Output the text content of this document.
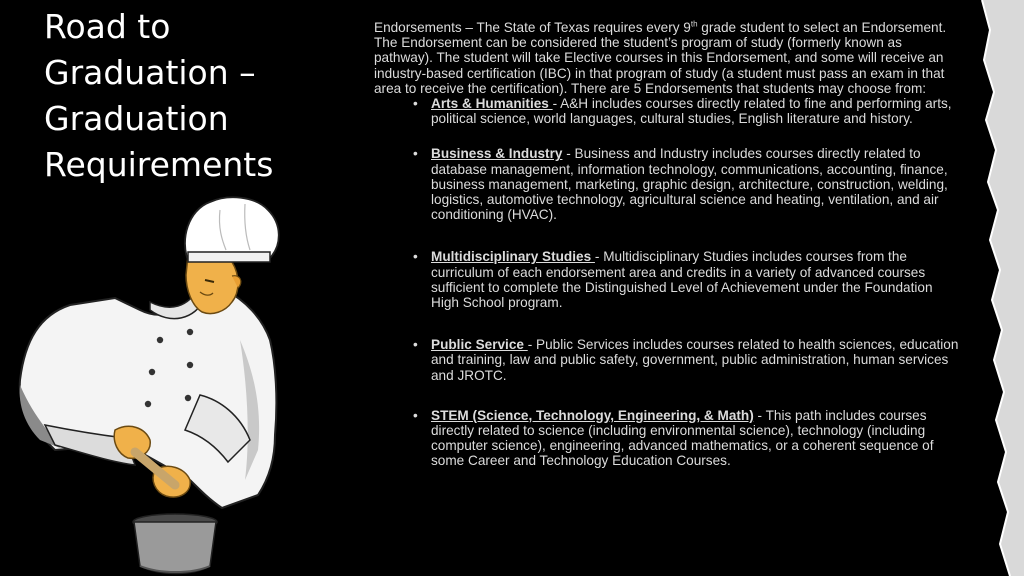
Road to
Graduation –
Graduation
Requirements

Endorsements – The State of Texas requires every 9th grade student to select an Endorsement. The Endorsement can be considered the student’s program of study (formerly known as pathway). The student will take Elective courses in this Endorsement, and some will receive an industry-based certification (IBC) in that program of study (a student must pass an exam in that area to receive the certification). There are 5 Endorsements that students may choose from:

• Arts & Humanities - A&H includes courses directly related to fine and performing arts, political science, world languages, cultural studies, English literature and history.
• Business & Industry - Business and Industry includes courses directly related to database management, information technology, communications, accounting, finance, business management, marketing, graphic design, architecture, construction, welding, logistics, automotive technology, agricultural science and heating, ventilation, and air conditioning (HVAC).
• Multidisciplinary Studies - Multidisciplinary Studies includes courses from the curriculum of each endorsement area and credits in a variety of advanced courses sufficient to complete the Distinguished Level of Achievement under the Foundation High School program.
• Public Service - Public Services includes courses related to health sciences, education and training, law and public safety, government, public administration, human services and JROTC.
• STEM (Science, Technology, Engineering, & Math) - This path includes courses directly related to science (including environmental science), technology (including computer science), engineering, advanced mathematics, or a coherent sequence of some Career and Technology Education Courses.
